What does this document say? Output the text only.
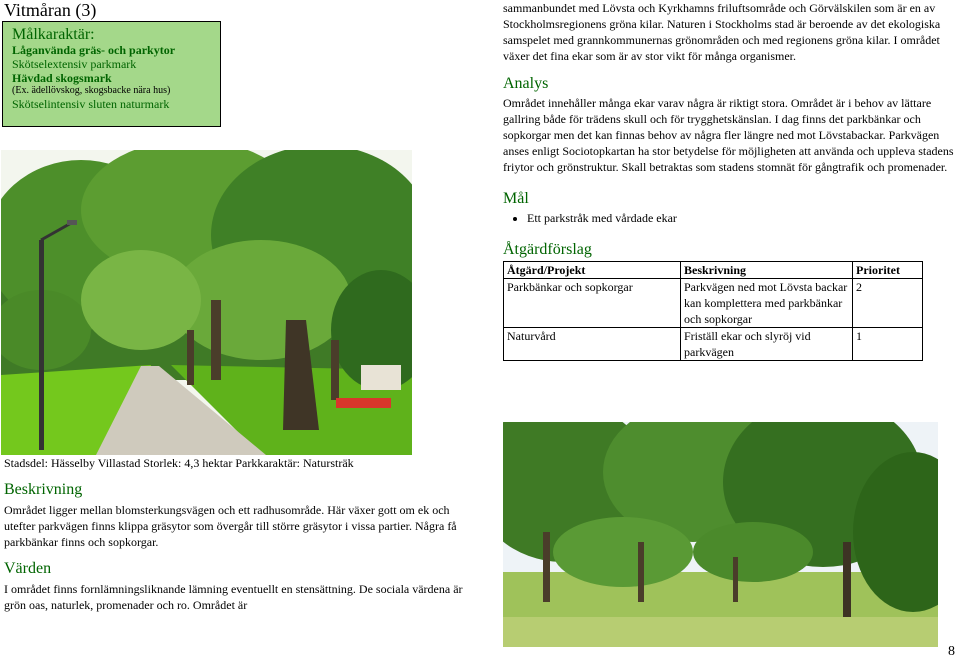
Vitmåran (3)
Målkaraktär:
Låganvända gräs- och parkytor
Skötselextensiv parkmark
Hävdad skogsmark
(Ex. ädellövskog, skogsbacke nära hus)
Skötselintensiv sluten naturmark

Stadsdel: Hässelby Villastad Storlek: 4,3 hektar Parkkaraktär: Natursträk

Beskrivning

Området ligger mellan blomsterkungsvägen och ett radhusområde. Här växer gott om ek och utefter parkvägen finns klippa gräsytor som övergår till större gräsytor i vissa partier. Några få parkbänkar finns och sopkorgar.

Värden

I området finns fornlämningsliknande lämning eventuellt en stensättning. De sociala värdena är grön oas, naturlek, promenader och ro. Området är

sammanbundet med Lövsta och Kyrkhamns friluftsområde och Görvälskilen som är en av Stockholmsregionens gröna kilar. Naturen i Stockholms stad är beroende av det ekologiska samspelet med grannkommunernas grönområden och med regionens gröna kilar. I området växer det fina ekar som är av stor vikt för många organismer.

Analys

Området innehåller många ekar varav några är riktigt stora. Området är i behov av lättare gallring både för trädens skull och för trygghetskänslan. I dag finns det parkbänkar och sopkorgar men det kan finnas behov av några fler längre ned mot Lövstabackar. Parkvägen anses enligt Sociotopkartan ha stor betydelse för möjligheten att använda och uppleva stadens friytor och grönstruktur. Skall betraktas som stadens stomnät för gångtrafik och promenader.

Mål
• Ett parkstråk med vårdade ekar
Åtgärdförslag
Åtgärd/Projekt	Beskrivning	Prioritet
Parkbänkar och sopkorgar	Parkvägen ned mot Lövsta backar kan komplettera med parkbänkar och sopkorgar	2
Naturvård	Friställ ekar och slyröj vid parkvägen	1
8
